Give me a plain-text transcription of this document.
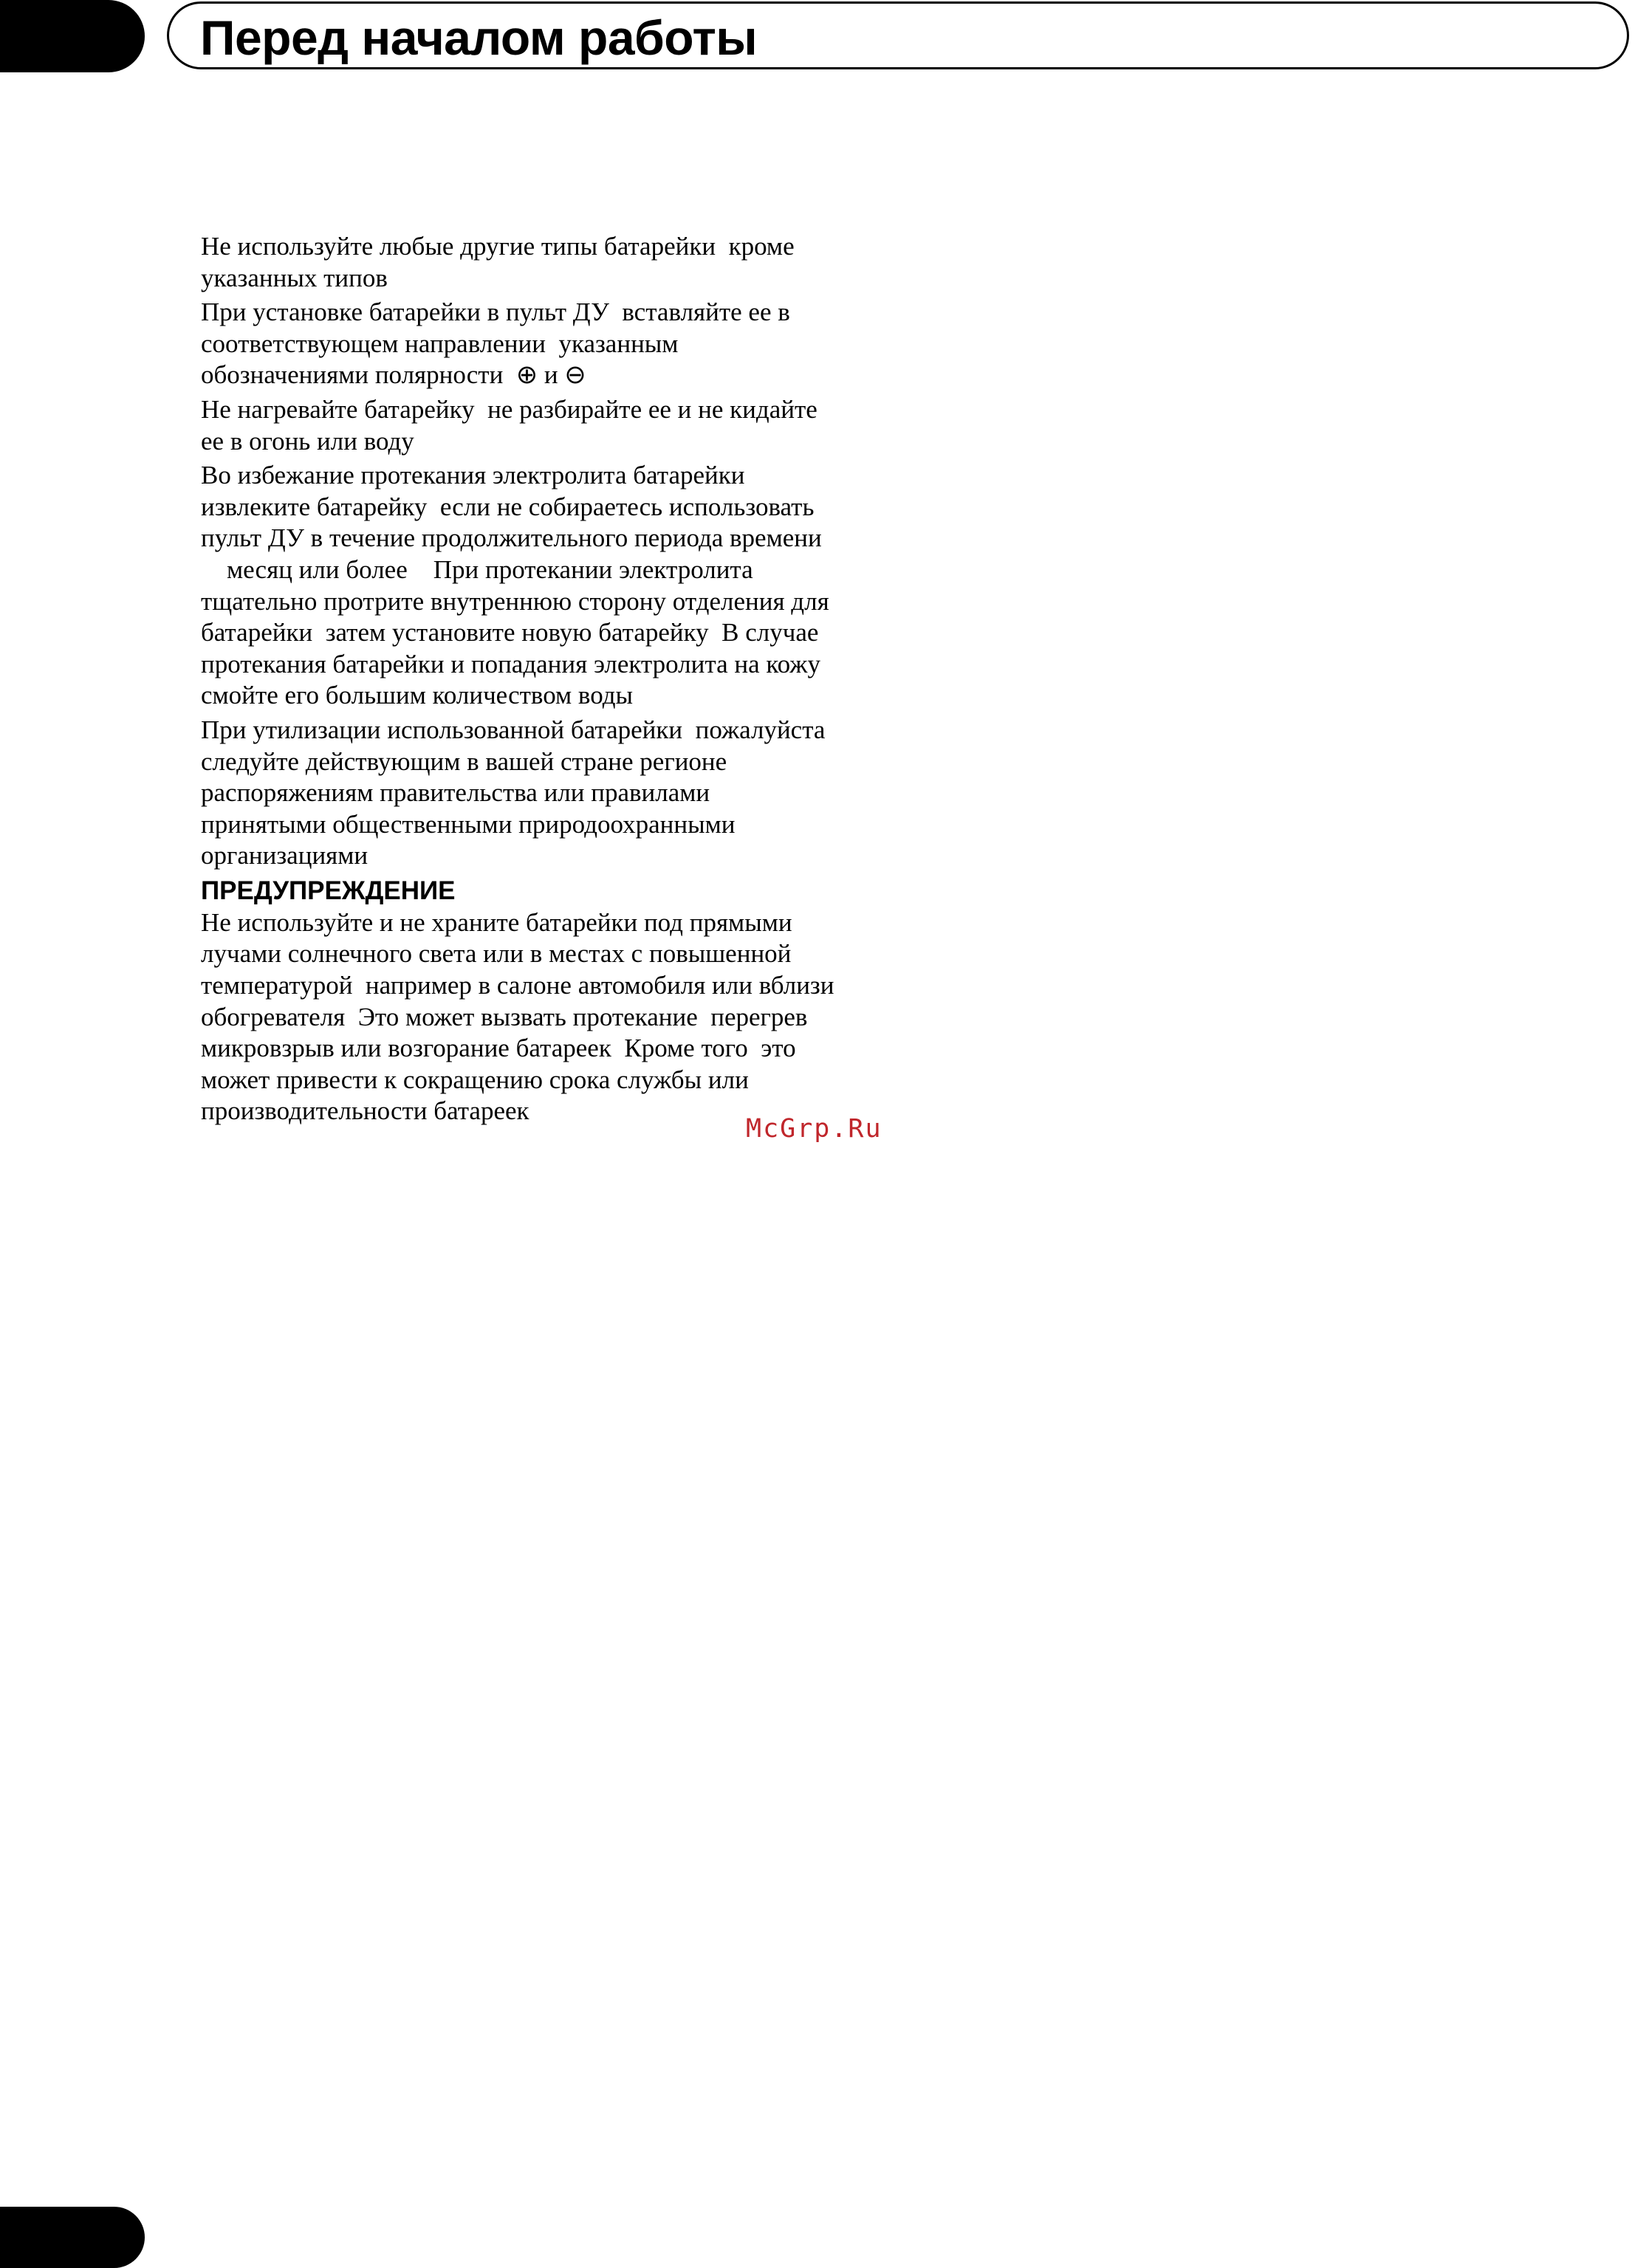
Перед началом работы

Не используйте любые другие типы батарейки  кроме
указанных типов

При установке батарейки в пульт ДУ  вставляйте ее в
соответствующем направлении  указанным
обозначениями полярности  ⊕ и ⊖

Не нагревайте батарейку  не разбирайте ее и не кидайте
ее в огонь или воду

Во избежание протекания электролита батарейки
извлеките батарейку  если не собираетесь использовать
пульт ДУ в течение продолжительного периода времени
месяц или более    При протекании электролита
тщательно протрите внутреннюю сторону отделения для
батарейки  затем установите новую батарейку  В случае
протекания батарейки и попадания электролита на кожу
смойте его большим количеством воды

При утилизации использованной батарейки  пожалуйста
следуйте действующим в вашей стране регионе
распоряжениям правительства или правилами
принятыми общественными природоохранными
организациями

ПРЕДУПРЕЖДЕНИЕ

Не используйте и не храните батарейки под прямыми
лучами солнечного света или в местах с повышенной
температурой  например в салоне автомобиля или вблизи
обогревателя  Это может вызвать протекание  перегрев
микровзрыв или возгорание батареек  Кроме того  это
может привести к сокращению срока службы или
производительности батареек

McGrp.Ru
